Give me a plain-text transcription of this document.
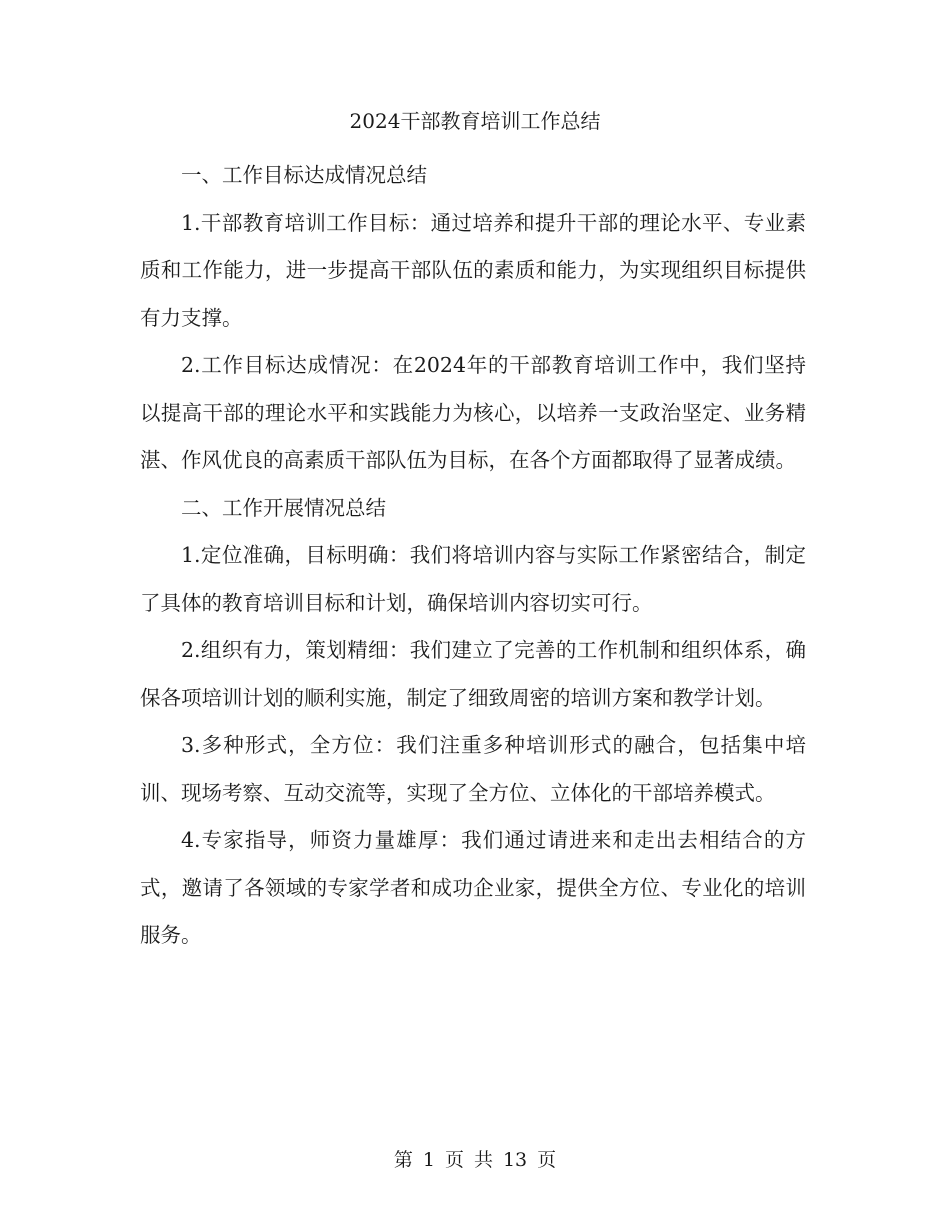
2024干部教育培训工作总结

一、工作目标达成情况总结

1.干部教育培训工作目标：通过培养和提升干部的理论水平、专业素质和工作能力，进一步提高干部队伍的素质和能力，为实现组织目标提供有力支撑。

2.工作目标达成情况：在2024年的干部教育培训工作中，我们坚持以提高干部的理论水平和实践能力为核心，以培养一支政治坚定、业务精湛、作风优良的高素质干部队伍为目标，在各个方面都取得了显著成绩。

二、工作开展情况总结

1.定位准确，目标明确：我们将培训内容与实际工作紧密结合，制定了具体的教育培训目标和计划，确保培训内容切实可行。

2.组织有力，策划精细：我们建立了完善的工作机制和组织体系，确保各项培训计划的顺利实施，制定了细致周密的培训方案和教学计划。

3.多种形式，全方位：我们注重多种培训形式的融合，包括集中培训、现场考察、互动交流等，实现了全方位、立体化的干部培养模式。

4.专家指导，师资力量雄厚：我们通过请进来和走出去相结合的方式，邀请了各领域的专家学者和成功企业家，提供全方位、专业化的培训服务。

第 1 页 共 13 页
